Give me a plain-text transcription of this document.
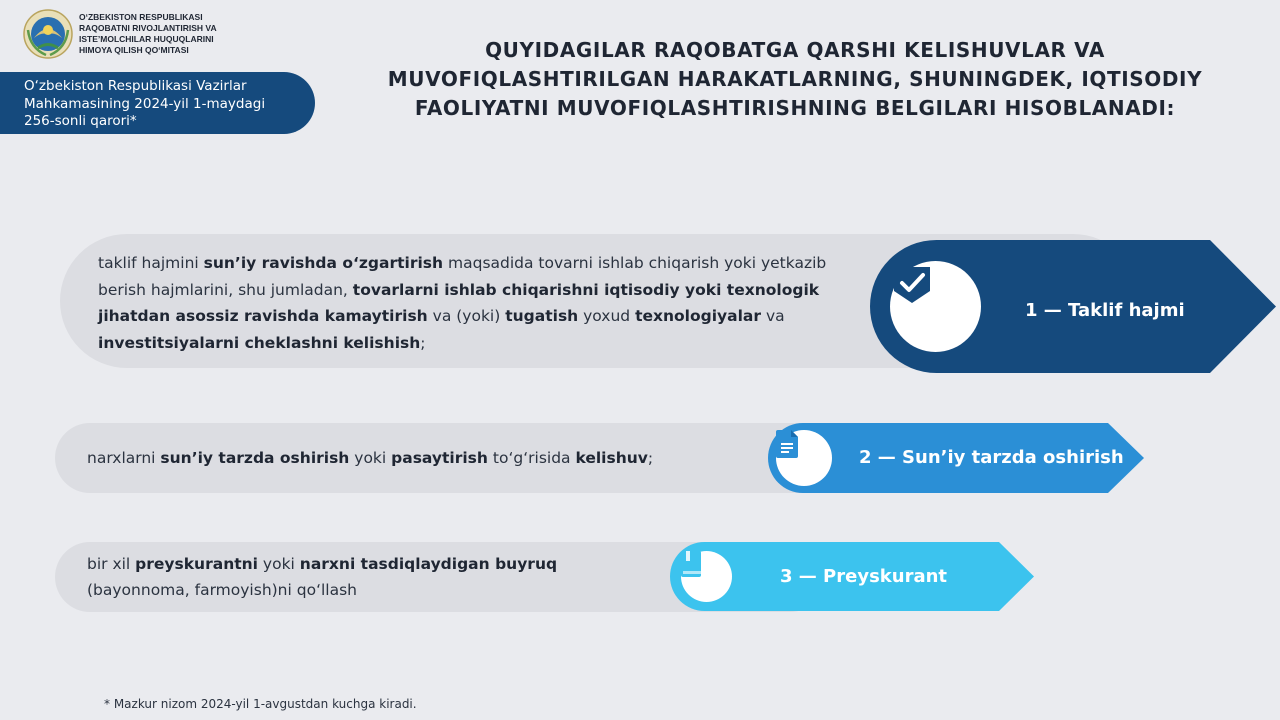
O‘ZBEKISTON RESPUBLIKASI
RAQOBATNI RIVOJLANTIRISH VA
ISTE’MOLCHILAR HUQUQLARINI
HIMOYA QILISH QO‘MITASI
O‘zbekiston Respublikasi Vazirlar
Mahkamasining 2024-yil 1-maydagi
256-sonli qarori*
QUYIDAGILAR RAQOBATGA QARSHI KELISHUVLAR VA
MUVOFIQLASHTIRILGAN HARAKATLARNING, SHUNINGDEK, IQTISODIY
FAOLIYATNI MUVOFIQLASHTIRISHNING BELGILARI HISOBLANADI:
taklif hajmini sun’iy ravishda o‘zgartirish maqsadida tovarni ishlab chiqarish yoki yetkazib
berish hajmlarini, shu jumladan, tovarlarni ishlab chiqarishni iqtisodiy yoki texnologik
jihatdan asossiz ravishda kamaytirish va (yoki) tugatish yoxud texnologiyalar va
investitsiyalarni cheklashni kelishish;
1 — Taklif hajmi
narxlarni sun’iy tarzda oshirish yoki pasaytirish to‘g‘risida kelishuv;	2 — Sun’iy tarzda oshirish
bir xil preyskurantni yoki narxni tasdiqlaydigan buyruq
(bayonnoma, farmoyish)ni qo‘llash
3 — Preyskurant
* Mazkur nizom 2024-yil 1-avgustdan kuchga kiradi.
